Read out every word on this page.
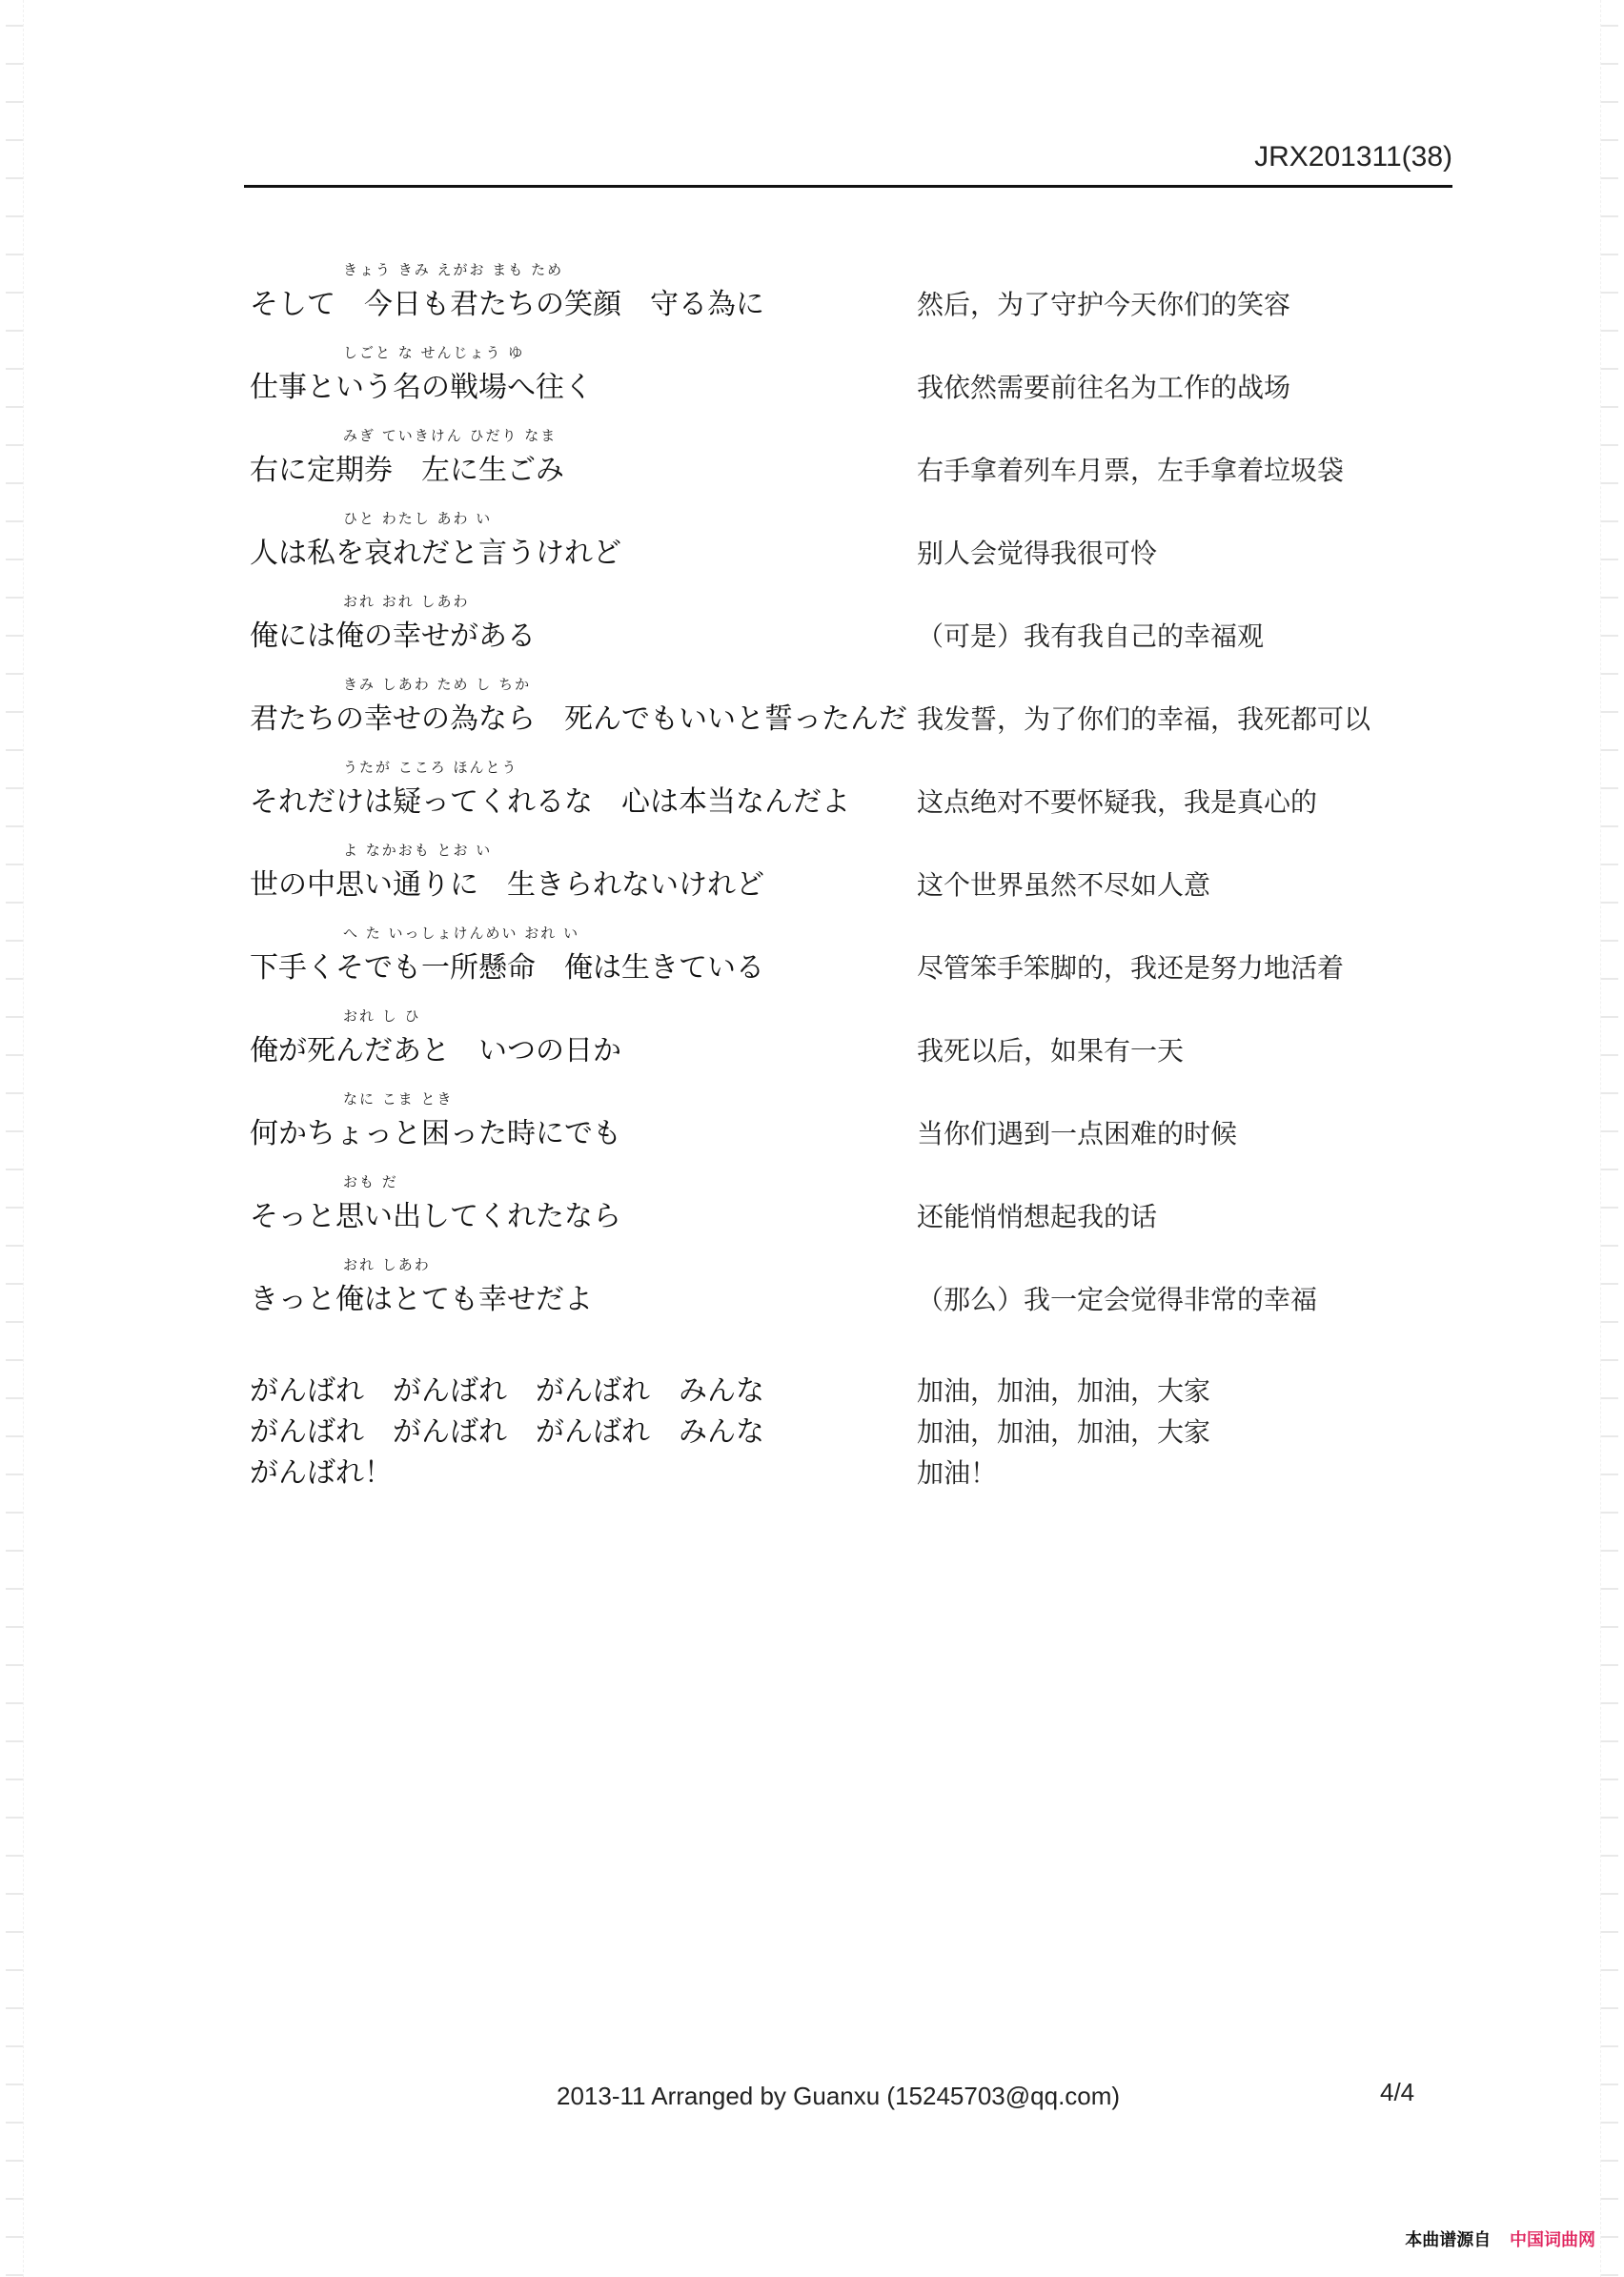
JRX201311(38)
きょう きみ えがお まも ため
そして　今日も君たちの笑顔　守る為に	然后，为了守护今天你们的笑容
しごと な せんじょう ゆ
仕事という名の戦場へ往く	我依然需要前往名为工作的战场
みぎ ていきけん ひだり なま
右に定期券　左に生ごみ	右手拿着列车月票，左手拿着垃圾袋
ひと わたし あわ い
人は私を哀れだと言うけれど	别人会觉得我很可怜
おれ おれ しあわ
俺には俺の幸せがある	（可是）我有我自己的幸福观
きみ しあわ ため し ちか
君たちの幸せの為なら　死んでもいいと誓ったんだ 我发誓，为了你们的幸福，我死都可以
うたが こころ ほんとう
それだけは疑ってくれるな　心は本当なんだよ	这点绝对不要怀疑我，我是真心的
よ なかおも とお い
世の中思い通りに　生きられないけれど	这个世界虽然不尽如人意
へ た いっしょけんめい おれ い
下手くそでも一所懸命　俺は生きている	尽管笨手笨脚的，我还是努力地活着
おれ し ひ
俺が死んだあと　いつの日か	我死以后，如果有一天
なに こま とき
何かちょっと困った時にでも	当你们遇到一点困难的时候
おも だ
そっと思い出してくれたなら	还能悄悄想起我的话
おれ しあわ
きっと俺はとても幸せだよ	（那么）我一定会觉得非常的幸福
がんばれ　がんばれ　がんばれ　みんな	加油，加油，加油，大家
がんばれ　がんばれ　がんばれ　みんな	加油，加油，加油，大家
がんばれ！	加油！
2013-11 Arranged by Guanxu (15245703@qq.com)	4/4
本曲谱源自 中国词曲网
